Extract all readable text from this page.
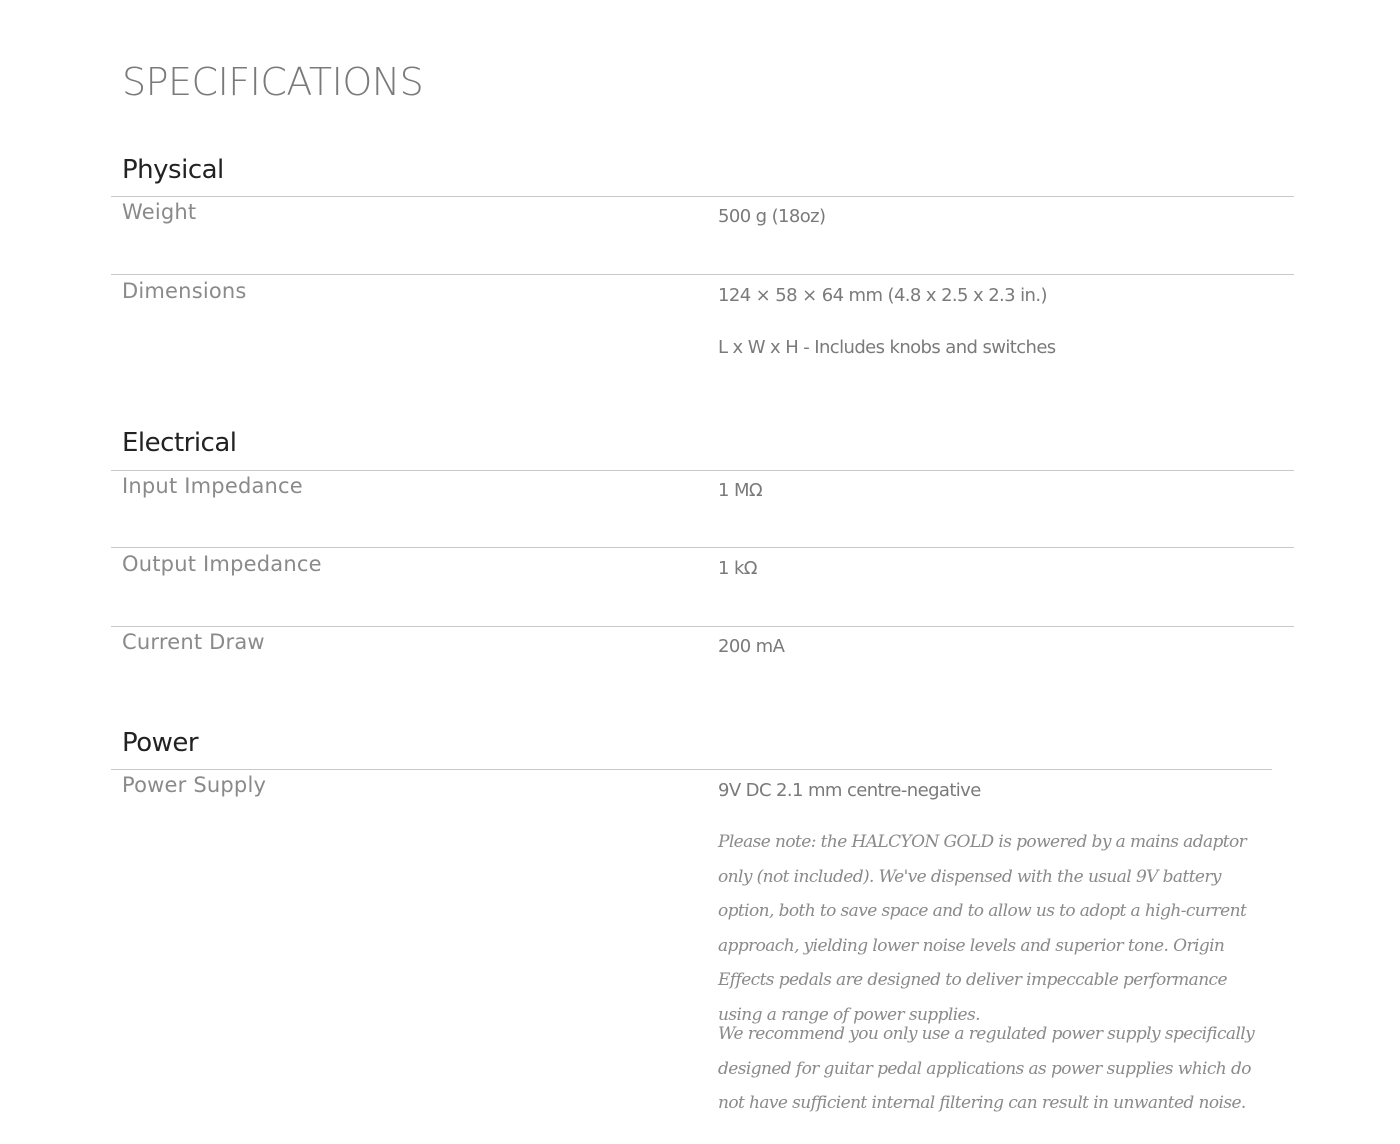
SPECIFICATIONS
Physical
Weight	500 g (18oz)
Dimensions	124 × 58 × 64 mm (4.8 x 2.5 x 2.3 in.)
L x W x H - Includes knobs and switches
Electrical
Input Impedance	1 MΩ
Output Impedance	1 kΩ
Current Draw	200 mA
Power
Power Supply	9V DC 2.1 mm centre-negative

Please note: the HALCYON GOLD is powered by a mains adaptor only (not included). We've dispensed with the usual 9V battery option, both to save space and to allow us to adopt a high-current approach, yielding lower noise levels and superior tone. Origin Effects pedals are designed to deliver impeccable performance using a range of power supplies.

We recommend you only use a regulated power supply specifically designed for guitar pedal applications as power supplies which do not have sufficient internal filtering can result in unwanted noise.
